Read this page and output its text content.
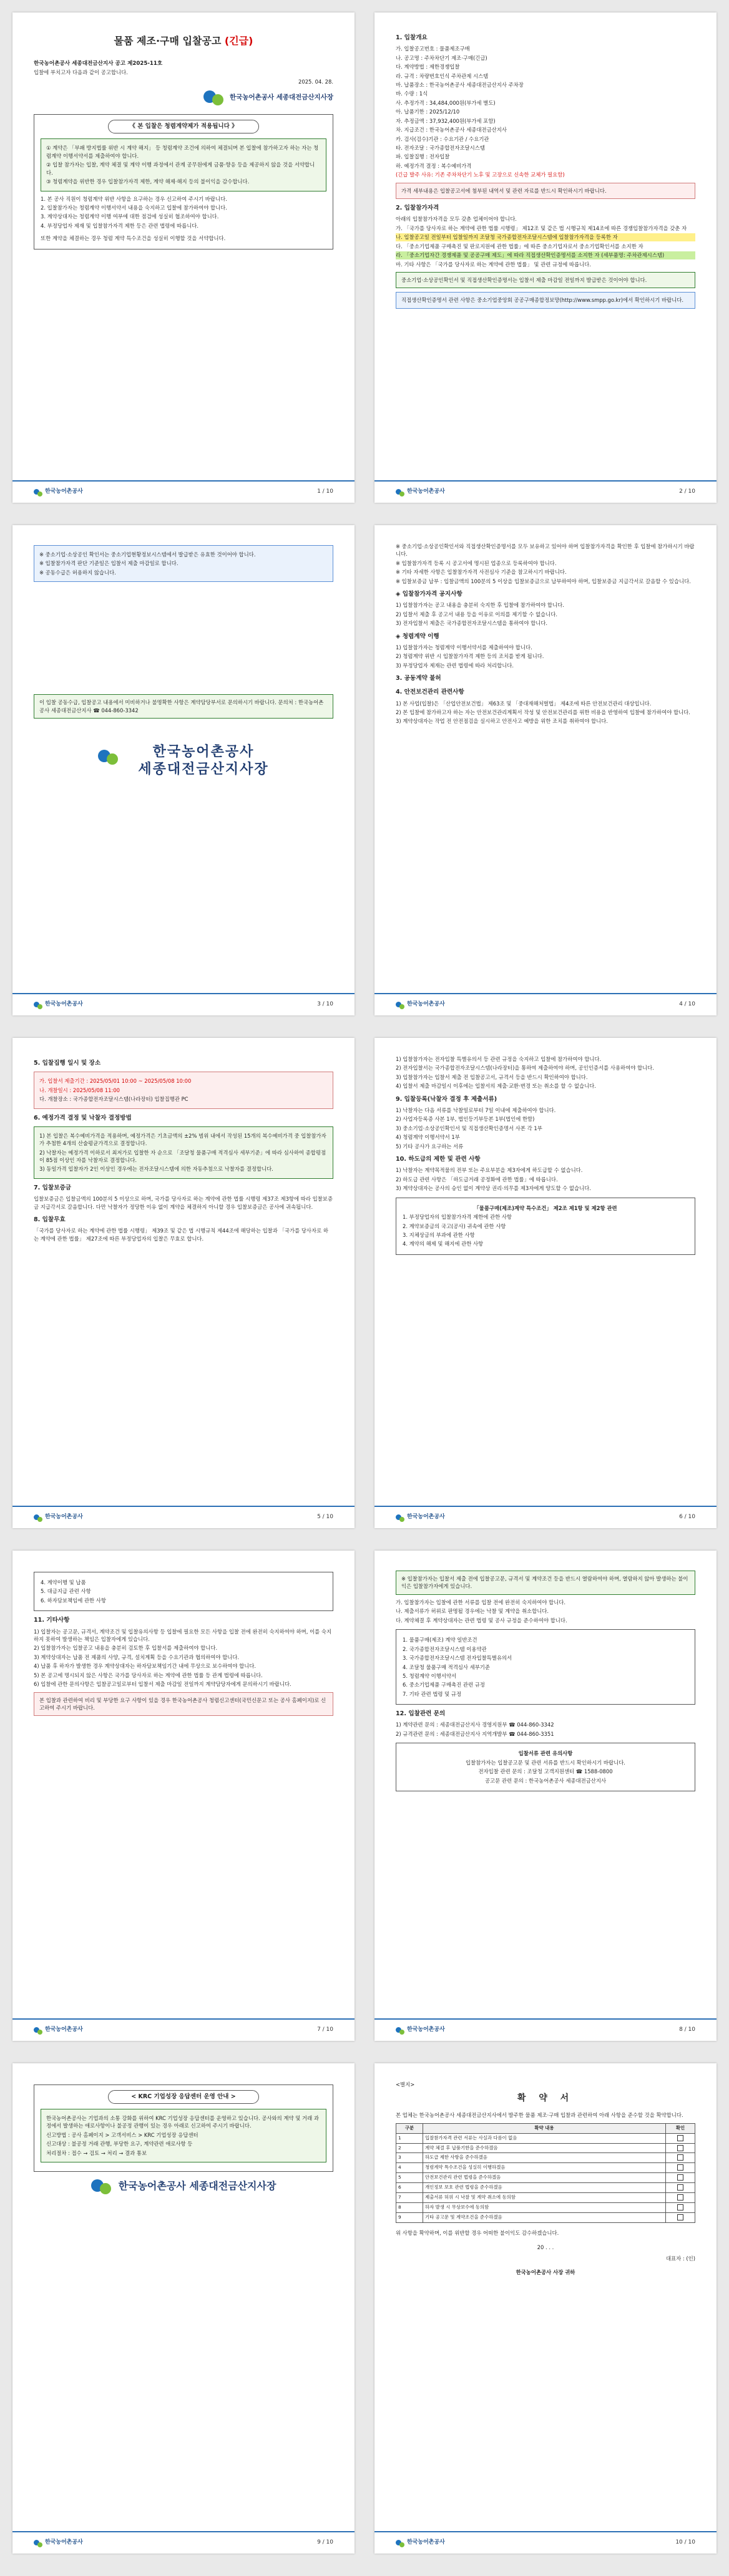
물품 제조·구매 입찰공고 (긴급)

한국농어촌공사 세종대전금산지사 공고 제2025-11호

입찰에 부치고자 다음과 같이 공고합니다.

2025. 04. 28.

한국농어촌공사 세종대전금산지사장
《 본 입찰은 청렴계약제가 적용됩니다 》

① 계약은 「부패 방지법률 위반 시 계약 해지」 등 청렴계약 조건에 의하여 체결되며 본 입찰에 참가하고자 하는 자는 청렴계약 이행서약서를 제출하여야 합니다.

② 입찰 참가자는 입찰, 계약 체결 및 계약 이행 과정에서 관계 공무원에게 금품·향응 등을 제공하지 않을 것을 서약합니다.

③ 청렴계약을 위반한 경우 입찰참가자격 제한, 계약 해제·해지 등의 불이익을 감수합니다.

1. 본 공사 직원이 청렴계약 위반 사항을 요구하는 경우 신고하여 주시기 바랍니다.

2. 입찰참가자는 청렴계약 이행서약서 내용을 숙지하고 입찰에 참가하여야 합니다.

3. 계약상대자는 청렴계약 이행 여부에 대한 점검에 성실히 협조하여야 합니다.

4. 부정당업자 제재 및 입찰참가자격 제한 등은 관련 법령에 따릅니다.

또한 계약을 체결하는 경우 청렴 계약 특수조건을 성실히 이행할 것을 서약합니다.

한국농어촌공사	1 / 10
1. 입찰개요

가. 입찰공고번호 : 물품제조구매

나. 공고명 : 주차차단기 제조·구매(긴급)

다. 계약방법 : 제한경쟁입찰

라. 규격 : 차량번호인식 주차관제 시스템

마. 납품장소 : 한국농어촌공사 세종대전금산지사 주차장

바. 수량 : 1식

사. 추정가격 : 34,484,000원(부가세 별도)

아. 납품기한 : 2025/12/10

자. 추정금액 : 37,932,400원(부가세 포함)

차. 지급조건 : 한국농어촌공사 세종대전금산지사

카. 검사(검수)기관 : 수요기관 / 수요기관

타. 전자조달 : 국가종합전자조달시스템

파. 입찰집행 : 전자입찰

하. 예정가격 결정 : 복수예비가격

(긴급 발주 사유: 기존 주차차단기 노후 및 고장으로 신속한 교체가 필요함)

가격 세부내용은 입찰공고서에 첨부된 내역서 및 관련 자료를 반드시 확인하시기 바랍니다.
2. 입찰참가자격

아래의 입찰참가자격을 모두 갖춘 업체이어야 합니다.

가. 「국가를 당사자로 하는 계약에 관한 법률 시행령」 제12조 및 같은 법 시행규칙 제14조에 따른 경쟁입찰참가자격을 갖춘 자

나. 입찰공고일 전일부터 입찰일까지 조달청 국가종합전자조달시스템에 입찰참가자격을 등록한 자

다. 「중소기업제품 구매촉진 및 판로지원에 관한 법률」에 따른 중소기업자로서 중소기업확인서를 소지한 자

라. 「중소기업자간 경쟁제품 및 공공구매 제도」에 따라 직접생산확인증명서를 소지한 자 (세부품명: 주차관제시스템)

마. 기타 사항은 「국가를 당사자로 하는 계약에 관한 법률」 및 관련 규정에 따릅니다.

중소기업·소상공인확인서 및 직접생산확인증명서는 입찰서 제출 마감일 전일까지 발급받은 것이어야 합니다.
직접생산확인증명서 관련 사항은 중소기업중앙회 공공구매종합정보망(http://www.smpp.go.kr)에서 확인하시기 바랍니다.
한국농어촌공사	2 / 10

※ 중소기업·소상공인 확인서는 중소기업현황정보시스템에서 발급받은 유효한 것이어야 합니다.

※ 입찰참가자격 판단 기준일은 입찰서 제출 마감일로 합니다.

※ 공동수급은 허용하지 않습니다.

이 입찰 공동수급, 입찰공고 내용에서 미비하거나 불명확한 사항은 계약담당부서로 문의하시기 바랍니다. 문의처 : 한국농어촌공사 세종대전금산지사 ☎ 044-860-3342
한국농어촌공사
세종대전금산지사장
한국농어촌공사	3 / 10

※ 중소기업·소상공인확인서와 직접생산확인증명서를 모두 보유하고 있어야 하며 입찰참가자격을 확인한 후 입찰에 참가하시기 바랍니다.

※ 입찰참가자격 등록 시 공고서에 명시된 업종으로 등록하여야 합니다.

※ 기타 자세한 사항은 입찰참가자격 사전심사 기준을 참고하시기 바랍니다.

※ 입찰보증금 납부 : 입찰금액의 100분의 5 이상을 입찰보증금으로 납부하여야 하며, 입찰보증금 지급각서로 갈음할 수 있습니다.

◈ 입찰참가자격 공지사항

1) 입찰참가자는 공고 내용을 충분히 숙지한 후 입찰에 참가하여야 합니다.

2) 입찰서 제출 후 공고서 내용 등을 이유로 이의를 제기할 수 없습니다.

3) 전자입찰서 제출은 국가종합전자조달시스템을 통하여야 합니다.

◈ 청렴계약 이행

1) 입찰참가자는 청렴계약 이행서약서를 제출하여야 합니다.

2) 청렴계약 위반 시 입찰참가자격 제한 등의 조치를 받게 됩니다.

3) 부정당업자 제재는 관련 법령에 따라 처리합니다.

3. 공동계약 불허
4. 안전보건관리 관련사항

1) 본 사업(입찰)은 「산업안전보건법」 제63조 및 「중대재해처벌법」 제4조에 따른 안전보건관리 대상입니다.

2) 본 입찰에 참가하고자 하는 자는 안전보건관리계획서 작성 및 안전보건관리를 위한 비용을 반영하여 입찰에 참가하여야 합니다.

3) 계약상대자는 작업 전 안전점검을 실시하고 안전사고 예방을 위한 조치를 취하여야 합니다.

한국농어촌공사	4 / 10
5. 입찰집행 일시 및 장소

가. 입찰서 제출기간 : 2025/05/01 10:00 ~ 2025/05/08 10:00

나. 개찰일시 : 2025/05/08 11:00

다. 개찰장소 : 국가종합전자조달시스템(나라장터) 입찰집행관 PC

6. 예정가격 결정 및 낙찰자 결정방법

1) 본 입찰은 복수예비가격을 적용하며, 예정가격은 기초금액의 ±2% 범위 내에서 작성된 15개의 복수예비가격 중 입찰참가자가 추첨한 4개의 산술평균가격으로 결정합니다.

2) 낙찰자는 예정가격 이하로서 최저가로 입찰한 자 순으로 「조달청 물품구매 적격심사 세부기준」에 따라 심사하여 종합평점이 85점 이상인 자를 낙찰자로 결정합니다.

3) 동일가격 입찰자가 2인 이상인 경우에는 전자조달시스템에 의한 자동추첨으로 낙찰자를 결정합니다.

7. 입찰보증금

입찰보증금은 입찰금액의 100분의 5 이상으로 하며, 국가를 당사자로 하는 계약에 관한 법률 시행령 제37조 제3항에 따라 입찰보증금 지급각서로 갈음합니다. 다만 낙찰자가 정당한 이유 없이 계약을 체결하지 아니할 경우 입찰보증금은 공사에 귀속됩니다.

8. 입찰무효

「국가를 당사자로 하는 계약에 관한 법률 시행령」 제39조 및 같은 법 시행규칙 제44조에 해당하는 입찰과 「국가를 당사자로 하는 계약에 관한 법률」 제27조에 따른 부정당업자의 입찰은 무효로 합니다.

한국농어촌공사	5 / 10

1) 입찰참가자는 전자입찰 특별유의서 등 관련 규정을 숙지하고 입찰에 참가하여야 합니다.

2) 전자입찰서는 국가종합전자조달시스템(나라장터)을 통하여 제출하여야 하며, 공인인증서를 사용하여야 합니다.

3) 입찰참가자는 입찰서 제출 전 입찰공고서, 규격서 등을 반드시 확인하여야 합니다.

4) 입찰서 제출 마감일시 이후에는 입찰서의 제출·교환·변경 또는 취소를 할 수 없습니다.

9. 입찰등록(낙찰자 결정 후 제출서류)

1) 낙찰자는 다음 서류를 낙찰일로부터 7일 이내에 제출하여야 합니다.

2) 사업자등록증 사본 1부, 법인등기부등본 1부(법인에 한함)

3) 중소기업·소상공인확인서 및 직접생산확인증명서 사본 각 1부

4) 청렴계약 이행서약서 1부

5) 기타 공사가 요구하는 서류

10. 하도급의 제한 및 관련 사항

1) 낙찰자는 계약목적물의 전부 또는 주요부분을 제3자에게 하도급할 수 없습니다.

2) 하도급 관련 사항은 「하도급거래 공정화에 관한 법률」에 따릅니다.

3) 계약상대자는 공사의 승인 없이 계약상 권리·의무를 제3자에게 양도할 수 없습니다.

「물품구매(제조)계약 특수조건」 제2조 제1항 및 제2항 관련

1. 부정당업자의 입찰참가자격 제한에 관한 사항

2. 계약보증금의 국고(공사) 귀속에 관한 사항

3. 지체상금의 부과에 관한 사항

4. 계약의 해제 및 해지에 관한 사항

한국농어촌공사	6 / 10

4. 계약이행 및 납품

5. 대금지급 관련 사항

6. 하자담보책임에 관한 사항

11. 기타사항

1) 입찰자는 공고문, 규격서, 계약조건 및 입찰유의사항 등 입찰에 필요한 모든 사항을 입찰 전에 완전히 숙지하여야 하며, 이를 숙지하지 못하여 발생하는 책임은 입찰자에게 있습니다.

2) 입찰참가자는 입찰공고 내용을 충분히 검토한 후 입찰서를 제출하여야 합니다.

3) 계약상대자는 납품 전 제품의 사양, 규격, 설치계획 등을 수요기관과 협의하여야 합니다.

4) 납품 후 하자가 발생한 경우 계약상대자는 하자담보책임기간 내에 무상으로 보수하여야 합니다.

5) 본 공고에 명시되지 않은 사항은 국가를 당사자로 하는 계약에 관한 법률 등 관계 법령에 따릅니다.

6) 입찰에 관한 문의사항은 입찰공고일로부터 입찰서 제출 마감일 전일까지 계약담당자에게 문의하시기 바랍니다.

본 입찰과 관련하여 비리 및 부당한 요구 사항이 있을 경우 한국농어촌공사 청렴신고센터(국민신문고 또는 공사 홈페이지)로 신고하여 주시기 바랍니다.
한국농어촌공사	7 / 10
※ 입찰참가자는 입찰서 제출 전에 입찰공고문, 규격서 및 계약조건 등을 반드시 열람하여야 하며, 열람하지 않아 발생하는 불이익은 입찰참가자에게 있습니다.

가. 입찰참가자는 입찰에 관한 서류를 입찰 전에 완전히 숙지하여야 합니다.

나. 제출서류가 허위로 판명될 경우에는 낙찰 및 계약을 취소합니다.

다. 계약체결 후 계약상대자는 관련 법령 및 공사 규정을 준수하여야 합니다.

1. 물품구매(제조) 계약 일반조건

2. 국가종합전자조달시스템 이용약관

3. 국가종합전자조달시스템 전자입찰특별유의서

4. 조달청 물품구매 적격심사 세부기준

5. 청렴계약 이행서약서

6. 중소기업제품 구매촉진 관련 규정

7. 기타 관련 법령 및 규정

12. 입찰관련 문의

1) 계약관련 문의 : 세종대전금산지사 경영지원부 ☎ 044-860-3342

2) 규격관련 문의 : 세종대전금산지사 지역개발부 ☎ 044-860-3351

입찰서류 관련 유의사항

입찰참가자는 입찰공고문 및 관련 서류를 반드시 확인하시기 바랍니다.

전자입찰 관련 문의 : 조달청 고객지원센터 ☎ 1588-0800

공고문 관련 문의 : 한국농어촌공사 세종대전금산지사

한국농어촌공사	8 / 10
< KRC 기업성장 응답센터 운영 안내 >

한국농어촌공사는 기업과의 소통 강화를 위하여 KRC 기업성장 응답센터를 운영하고 있습니다. 공사와의 계약 및 거래 과정에서 발생하는 애로사항이나 불공정 관행이 있는 경우 아래로 신고하여 주시기 바랍니다.

신고방법 : 공사 홈페이지 > 고객서비스 > KRC 기업성장 응답센터

신고대상 : 불공정 거래 관행, 부당한 요구, 계약관련 애로사항 등

처리절차 : 접수 → 검토 → 처리 → 결과 통보

한국농어촌공사 세종대전금산지사장
한국농어촌공사	9 / 10

<별지>

확 약 서

본 업체는 한국농어촌공사 세종대전금산지사에서 발주한 물품 제조·구매 입찰과 관련하여 아래 사항을 준수할 것을 확약합니다.

구분	확약 내용	확인
1	입찰참가자격 관련 서류는 사실과 다름이 없음	
2	계약 체결 후 납품기한을 준수하겠음	
3	하도급 제한 사항을 준수하겠음	
4	청렴계약 특수조건을 성실히 이행하겠음	
5	안전보건관리 관련 법령을 준수하겠음	
6	개인정보 보호 관련 법령을 준수하겠음	
7	제출서류 허위 시 낙찰 및 계약 취소에 동의함	
8	하자 발생 시 무상보수에 동의함	
9	기타 공고문 및 계약조건을 준수하겠음	

위 사항을 확약하며, 이를 위반할 경우 어떠한 불이익도 감수하겠습니다.

20 . . .

대표자 : (인)

한국농어촌공사 사장 귀하

한국농어촌공사	10 / 10
